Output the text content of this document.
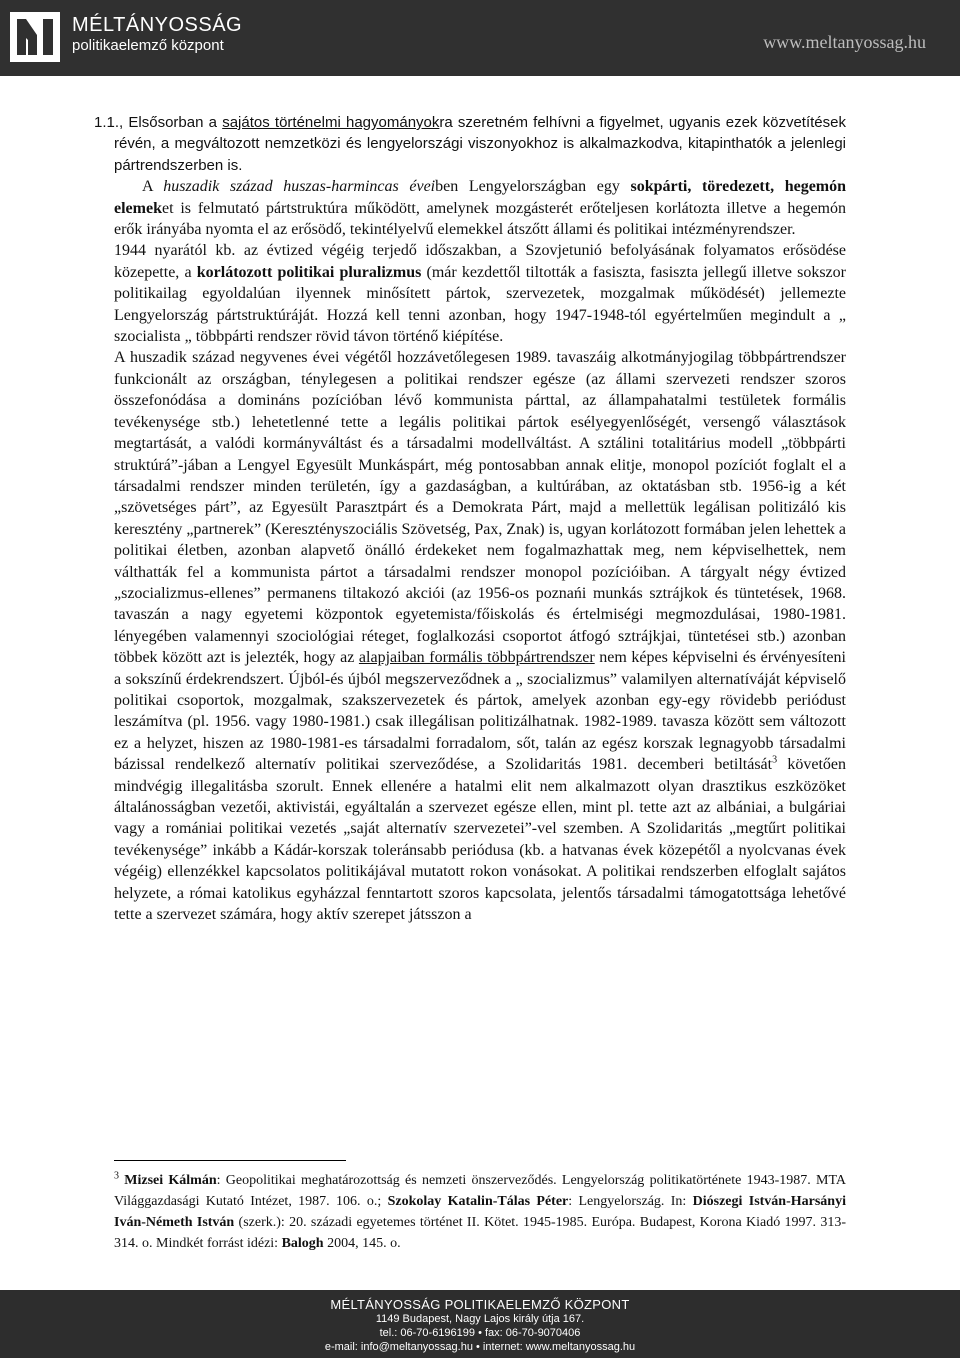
MÉLTÁNYOSSÁG
politikaelemző központ	www.meltanyossag.hu

1.1., Elsősorban a sajátos történelmi hagyományokra szeretném felhívni a figyelmet, ugyanis ezek közvetítések révén, a megváltozott nemzetközi és lengyelországi viszonyokhoz is alkalmazkodva, kitapinthatók a jelenlegi pártrendszerben is.

A huszadik század huszas-harmincas éveiben Lengyelországban egy sokpárti, töredezett, hegemón elemeket is felmutató pártstruktúra működött, amelynek mozgásterét erőteljesen korlátozta illetve a hegemón erők irányába nyomta el az erősödő, tekintélyelvű elemekkel átszőtt állami és politikai intézményrendszer.

1944 nyarától kb. az évtized végéig terjedő időszakban, a Szovjetunió befolyásának folyamatos erősödése közepette, a korlátozott politikai pluralizmus (már kezdettől tiltották a fasiszta, fasiszta jellegű illetve sokszor politikailag egyoldalúan ilyennek minősített pártok, szervezetek, mozgalmak működését) jellemezte Lengyelország pártstruktúráját. Hozzá kell tenni azonban, hogy 1947-1948-tól egyértelműen megindult a „ szocialista „ többpárti rendszer rövid távon történő kiépítése.

A huszadik század negyvenes évei végétől hozzávetőlegesen 1989. tavaszáig alkotmányjogilag többpártrendszer funkcionált az országban, ténylegesen a politikai rendszer egésze (az állami szervezeti rendszer szoros összefonódása a domináns pozícióban lévő kommunista párttal, az állampahatalmi testületek formális tevékenysége stb.) lehetetlenné tette a legális politikai pártok esélyegyenlőségét, versengő választások megtartását, a valódi kormányváltást és a társadalmi modellváltást. A sztálini totalitárius modell „többpárti struktúrá”-jában a Lengyel Egyesült Munkáspárt, még pontosabban annak elitje, monopol pozíciót foglalt el a társadalmi rendszer minden területén, így a gazdaságban, a kultúrában, az oktatásban stb. 1956-ig a két „szövetséges párt”, az Egyesült Parasztpárt és a Demokrata Párt, majd a mellettük legálisan politizáló kis keresztény „partnerek” (Keresztényszociális Szövetség, Pax, Znak) is, ugyan korlátozott formában jelen lehettek a politikai életben, azonban alapvető önálló érdekeket nem fogalmazhattak meg, nem képviselhettek, nem válthatták fel a kommunista pártot a társadalmi rendszer monopol pozícióiban. A tárgyalt négy évtized „szocializmus-ellenes” permanens tiltakozó akciói (az 1956-os poznańi munkás sztrájkok és tüntetések, 1968. tavaszán a nagy egyetemi központok egyetemista/főiskolás és értelmiségi megmozdulásai, 1980-1981. lényegében valamennyi szociológiai réteget, foglalkozási csoportot átfogó sztrájkjai, tüntetései stb.) azonban többek között azt is jelezték, hogy az alapjaiban formális többpártrendszer nem képes képviselni és érvényesíteni a sokszínű érdekrendszert. Újból-és újból megszerveződnek a „ szocializmus” valamilyen alternatíváját képviselő politikai csoportok, mozgalmak, szakszervezetek és pártok, amelyek azonban egy-egy rövidebb periódust leszámítva (pl. 1956. vagy 1980-1981.) csak illegálisan politizálhatnak. 1982-1989. tavasza között sem változott ez a helyzet, hiszen az 1980-1981-es társadalmi forradalom, sőt, talán az egész korszak legnagyobb társadalmi bázissal rendelkező alternatív politikai szerveződése, a Szolidaritás 1981. decemberi betiltását$^3$ követően mindvégig illegalitásba szorult. Ennek ellenére a hatalmi elit nem alkalmazott olyan drasztikus eszközöket általánosságban vezetői, aktivistái, egyáltalán a szervezet egésze ellen, mint pl. tette azt az albániai, a bulgáriai vagy a romániai politikai vezetés „saját alternatív szervezetei”-vel szemben. A Szolidaritás „megtűrt politikai tevékenysége” inkább a Kádár-korszak toleránsabb periódusa (kb. a hatvanas évek közepétől a nyolcvanas évek végéig) ellenzékkel kapcsolatos politikájával mutatott rokon vonásokat. A politikai rendszerben elfoglalt sajátos helyzete, a római katolikus egyházzal fenntartott szoros kapcsolata, jelentős társadalmi támogatottsága lehetővé tette a szervezet számára, hogy aktív szerepet játsszon a

$^3$ Mizsei Kálmán: Geopolitikai meghatározottság és nemzeti önszerveződés. Lengyelország politikatörténete 1943-1987. MTA Világgazdasági Kutató Intézet, 1987. 106. o.; Szokolay Katalin-Tálas Péter: Lengyelország. In: Diószegi István-Harsányi Iván-Németh István (szerk.): 20. századi egyetemes történet II. Kötet. 1945-1985. Európa. Budapest, Korona Kiadó 1997. 313-314. o. Mindkét forrást idézi: Balogh 2004, 145. o.

MÉLTÁNYOSSÁG POLITIKAELEMZŐ KÖZPONT
1149 Budapest, Nagy Lajos király útja 167.
tel.: 06-70-6196199 • fax: 06-70-9070406
e-mail: info@meltanyossag.hu • internet: www.meltanyossag.hu
